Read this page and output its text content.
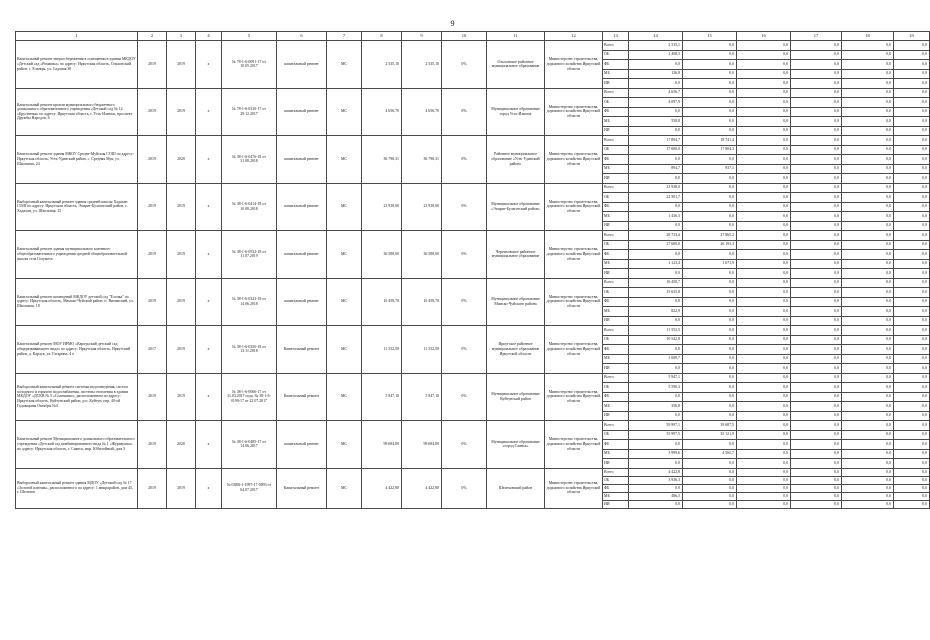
9
1	2	3	4	5	6	7	8	9	10	11	12	13	14	15	16	17	18	19
Капитальный ремонт энергосбережения в освещении в здании МКДОУ «Детский сад «Ромашка» по адресу: Иркутская область, Ольхонский район, с. Еланцы, ул. Садовая 38	2019	2019	x	№ 78-1-6-0091-17 от 10.05.2017	капитальный ремонт	МС	2 535,10	2 535,10	0%	Ольхонское районное муниципальное образование	Министерство строительства, дорожного хозяйства Иркутской области	Всего	2 535,1	0,0	0,0	0,0	0,0	0,0
												ОБ	2 408,3	0,0	0,0	0,0	0,0	0,0
												ФБ	0,0	0,0	0,0	0,0	0,0	0,0
												МБ	126,8	0,0	0,0	0,0	0,0	0,0
												ИИ	0,0	0,0	0,0	0,0	0,0	0,0
Капитальный ремонт кровли муниципального бюджетного дошкольного образовательного учреждения «Детский сад № 12 «Брусничка» по адресу: Иркутская область, г. Усть-Илимск, проспект Дружбы Народов, 6	2019	2019	x	№ 78-1-6-0310-17 от 29.12.2017	капитальный ремонт	МС	4 656,70	4 656,70	0%	Муниципальное образование город Усть-Илимск	Министерство строительства, дорожного хозяйства Иркутской области	Всего	4 656,7	0,0	0,0	0,0	0,0	0,0
												ОБ	4 097,9	0,0	0,0	0,0	0,0	0,0
												ФБ	0,0	0,0	0,0	0,0	0,0	0,0
												МБ	558,8	0,0	0,0	0,0	0,0	0,0
												ИИ	0,0	0,0	0,0	0,0	0,0	0,0
Капитальный ремонт здания МКОУ Средне-Муйская СОШ по адресу: Иркутская область, Усть-Удинский район, с. Средняя Муя, ул. Школьная, 24	2019	2020	x	№ 38-1-6-0476-18 от 31.08.2018	капитальный ремонт	МС	36 796,31	36 796,31	0%	Районное муниципальное образование «Усть-Удинский район»	Министерство строительства, дорожного хозяйства Иркутской области	Всего	17 894,7	18 741,4	0,0	0,0	0,0	0,0
												ОБ	17 000,0	17 804,3	0,0	0,0	0,0	0,0
												ФБ	0,0	0,0	0,0	0,0	0,0	0,0
												МБ	894,7	937,1	0,0	0,0	0,0	0,0
												ИИ	0,0	0,0	0,0	0,0	0,0	0,0
Выборочный капитальный ремонт здания средней школы Хадахан СОШ по адресу: Иркутская область, Эхирит-Булагатский район, с. Хадахан, ул. Школьная, 25	2019	2019	x	№ 38-1-6-0414-18 от 10.08.2018	капитальный ремонт	МС	23 938,00	23 938,00	0%	Муниципальное образование «Эхирит-Булагатский район»	Министерство строительства, дорожного хозяйства Иркутской области	Всего	23 938,0	0,0	0,0	0,0	0,0	0,0
												ОБ	22 501,7	0,0	0,0	0,0	0,0	0,0
												ФБ	0,0	0,0	0,0	0,0	0,0	0,0
												МБ	1 436,3	0,0	0,0	0,0	0,0	0,0
												ИИ	0,0	0,0	0,0	0,0	0,0	0,0
Капитальный ремонт здания муниципального казенного общеобразовательного учреждения средней общеобразовательной школы села Голуметь	2019	2019	x	№ 38-1-6-0532-18 от 11.07.2019	капитальный ремонт	МС	36 588,60	36 588,60	0%	Черемховское районное муниципальное образование	Министерство строительства, дорожного хозяйства Иркутской области	Всего	28 723,4	27 865,2	0,0	0,0	0,0	0,0
												ОБ	27 600,0	26 193,3	0,0	0,0	0,0	0,0
												ФБ	0,0	0,0	0,0	0,0	0,0	0,0
												МБ	1 123,4	1 671,9	0,0	0,0	0,0	0,0
												ИИ	0,0	0,0	0,0	0,0	0,0	0,0
Капитальный ремонт помещений МКДОУ детский сад "Елочка" по адресу: Иркутская область, Мамско-Чуйский район, п. Витимский, ул. Школьная, 18	2019	2019	x	№ 38-1-6-0323-18 от 14.06.2018	капитальный ремонт	МС	16 458,70	16 458,70	0%	Муниципальное образование Мамско-Чуйского района	Министерство строительства, дорожного хозяйства Иркутской области	Всего	16 458,7	0,0	0,0	0,0	0,0	0,0
												ОБ	15 635,8	0,0	0,0	0,0	0,0	0,0
												ФБ	0,0	0,0	0,0	0,0	0,0	0,0
												МБ	822,9	0,0	0,0	0,0	0,0	0,0
												ИИ	0,0	0,0	0,0	0,0	0,0	0,0
Капитальный ремонт МОУ ИРМО «Карлукский детский сад общеразвивающего вида» по адресу: Иркутская область, Иркутский район, д. Карлук, ул. Гагарина, 4 а	2017	2019	x	№ 38-1-6-0356-18 от 13.11.2018	Капитальный ремонт	МС	11 552,50	11 552,50	0%	Иркутское районное муниципальное образование Иркутской области	Министерство строительства, дорожного хозяйства Иркутской области	Всего	11 552,5	0,0	0,0	0,0	0,0	0,0
												ОБ	10 542,8	0,0	0,0	0,0	0,0	0,0
												ФБ	0,0	0,0	0,0	0,0	0,0	0,0
												МБ	1 009,7	0,0	0,0	0,0	0,0	0,0
												ИИ	0,0	0,0	0,0	0,0	0,0	0,0
Выборочный капитальный ремонт системы водоотведения, систем холодного и горячего водоснабжения, системы отопления в здании МКДОУ «ДСКВ № 5 «Солнышко», расположенном по адресу: Иркутская область, Куйтунский район, р.п. Куйтун, пер. 40-ой Годовщины Октября №4	2019	2019	x	№ 38-1-6-0066-17 от 31.03.2017 года, № 38-1-6-0190-17 от 22.07.2017	Капитальный ремонт	МС	5 947,10	5 947,10	0%	Муниципальное образование Куйтунский район	Министерство строительства, дорожного хозяйства Иркутской области	Всего	5 947,1	0,0	0,0	0,0	0,0	0,0
												ОБ	5 590,3	0,0	0,0	0,0	0,0	0,0
												ФБ	0,0	0,0	0,0	0,0	0,0	0,0
												МБ	356,8	0,0	0,0	0,0	0,0	0,0
												ИИ	0,0	0,0	0,0	0,0	0,0	0,0
Капитальный ремонт Муниципального дошкольного образовательного учреждения «Детский сад комбинированного вида № 1 «Журавушка» по адресу: Иркутская область, г. Саянск, мкр. Юбилейный, дом 3	2019	2020	x	№ 38-1-6-0485-17 от 14.06.2017	капитальный ремонт	МС	99 684,80	99 684,80	0%	Муниципальное образование «город Саянск»	Министерство строительства, дорожного хозяйства Иркутской области	Всего	59 997,1	39 687,5	0,0	0,0	0,0	0,0
												ОБ	55 997,5	35 121,9	0,0	0,0	0,0	0,0
												ФБ	0,0	0,0	0,0	0,0	0,0	0,0
												МБ	3 999,6	4 565,7	0,0	0,0	0,0	0,0
												ИИ	0,0	0,0	0,0	0,0	0,0	0,0
Выборочный капитальный ремонт здания МДОУ «Детский сад № 17 «Золотой ключик», расположенного по адресу: 1 микрорайон, дом 45, г. Шелехов	2019	2019	x	№ 038В-1-1997-17-0093 от 04.07.2017	Капитальный ремонт	МС	4 422,80	4 422,80	0%	Шелеховский район	Министерство строительства, дорожного хозяйства Иркутской области	Всего	4 422,8	0,0	0,0	0,0	0,0	0,0
												ОБ	3 936,3	0,0	0,0	0,0	0,0	0,0
												ФБ	0,0	0,0	0,0	0,0	0,0	0,0
												МБ	486,5	0,0	0,0	0,0	0,0	0,0
												ИИ	0,0	0,0	0,0	0,0	0,0	0,0
